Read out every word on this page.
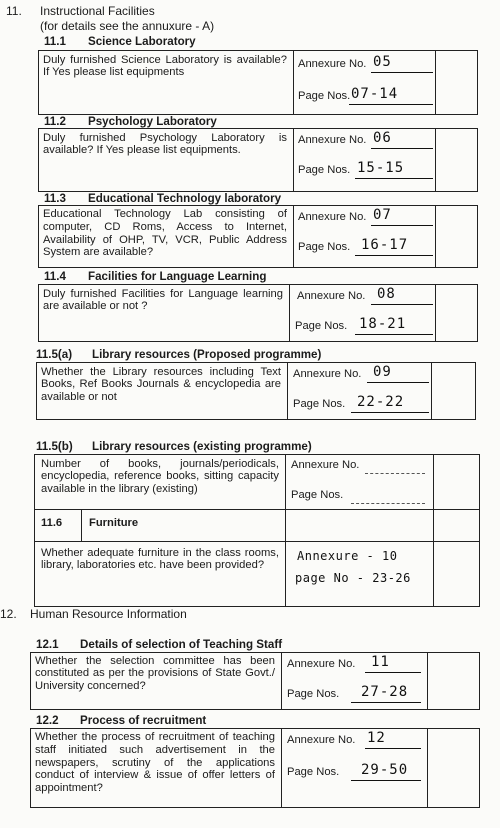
11. Instructional Facilities
(for details see the annuxure - A)
11.1 Science Laboratory
Duly furnished Science Laboratory is available? If Yes please list equipments
Annexure No. 05
Page Nos. 07-14
11.2 Psychology Laboratory
Duly furnished Psychology Laboratory is available? If Yes please list equipments.
Annexure No. 06
Page Nos. 15-15
11.3 Educational Technology laboratory
Educational Technology Lab consisting of computer, CD Roms, Access to Internet, Availability of OHP, TV, VCR, Public Address System are available?
Annexure No. 07
Page Nos. 16-17
11.4 Facilities for Language Learning
Duly furnished Facilities for Language learning are available or not ?
Annexure No. 08
Page Nos. 18-21
11.5(a) Library resources (Proposed programme)
Whether the Library resources including Text Books, Ref Books Journals & encyclopedia are available or not
Annexure No. 09
Page Nos. 22-22
11.5(b) Library resources (existing programme)
Number of books, journals/periodicals, encyclopedia, reference books, sitting capacity available in the library (existing)
Annexure No.
Page Nos.
11.6 Furniture
Whether adequate furniture in the class rooms, library, laboratories etc. have been provided?
Annexure - 10
page No - 23-26
12. Human Resource Information
12.1 Details of selection of Teaching Staff
Whether the selection committee has been constituted as per the provisions of State Govt./ University concerned?
Annexure No. 11
Page Nos. 27-28
12.2 Process of recruitment
Whether the process of recruitment of teaching staff initiated such advertisement in the newspapers, scrutiny of the applications conduct of interview & issue of offer letters of appointment?
Annexure No. 12
Page Nos. 29-50
